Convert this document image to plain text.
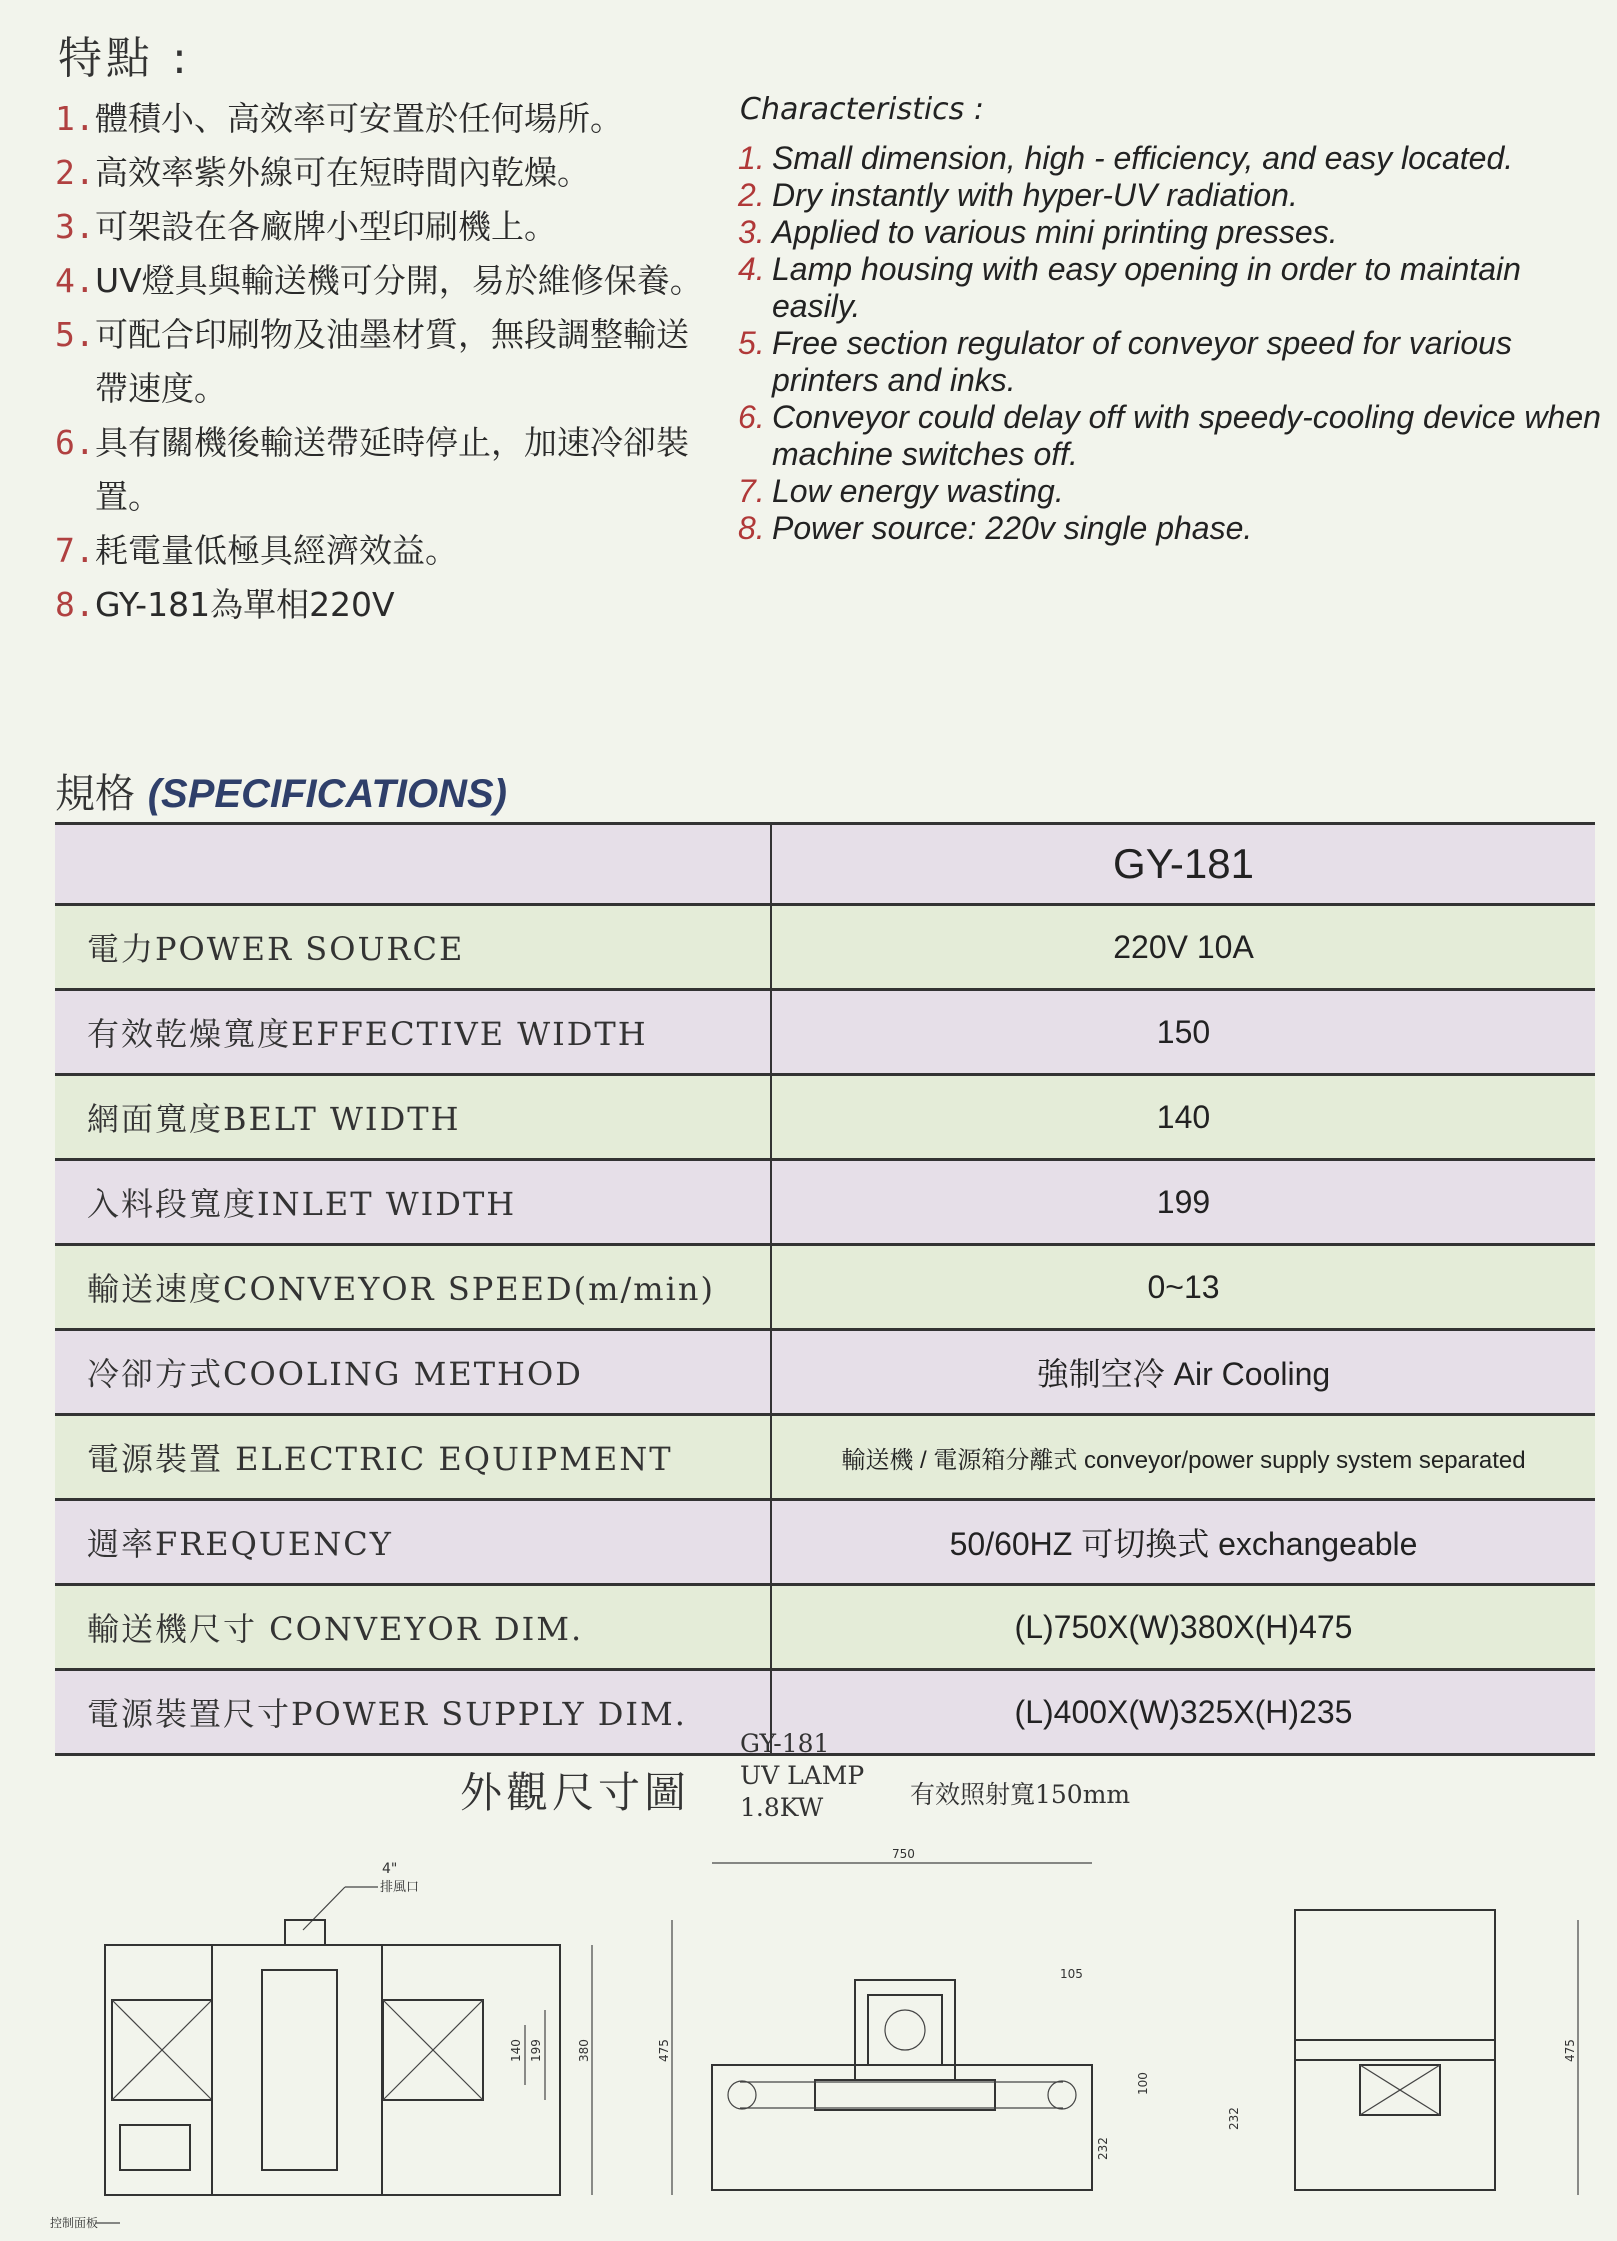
特點 :
1. 體積小、高效率可安置於任何場所。
2. 高效率紫外線可在短時間內乾燥。
3. 可架設在各廠牌小型印刷機上。
4. UV燈具與輸送機可分開，易於維修保養。
5. 可配合印刷物及油墨材質，無段調整輸送帶速度。
6. 具有關機後輸送帶延時停止，加速冷卻裝置。
7. 耗電量低極具經濟效益。
8. GY-181為單相220V
Characteristics :
1. Small dimension, high - efficiency, and easy located.
2. Dry instantly with hyper-UV radiation.
3. Applied to various mini printing presses.
4. Lamp housing with easy opening in order to maintain easily.
5. Free section regulator of conveyor speed for various printers and inks.
6. Conveyor could delay off with speedy-cooling device when machine switches off.
7. Low energy wasting.
8. Power source: 220v single phase.
規格 (SPECIFICATIONS)
	GY-181
電力POWER SOURCE	220V 10A
有效乾燥寬度EFFECTIVE WIDTH	150
網面寬度BELT WIDTH	140
入料段寬度INLET WIDTH	199
輸送速度CONVEYOR SPEED(m/min)	0~13
冷卻方式COOLING METHOD	強制空冷 Air Cooling
電源裝置 ELECTRIC EQUIPMENT	輸送機 / 電源箱分離式 conveyor/power supply system separated
週率FREQUENCY	50/60HZ 可切換式 exchangeable
輸送機尺寸 CONVEYOR DIM.	(L)750X(W)380X(H)475
電源裝置尺寸POWER SUPPLY DIM.	(L)400X(W)325X(H)235
外觀尺寸圖
GY-181
UV LAMP
1.8KW	有效照射寬150mm
4"
排風口
控制面板
140 199	380
750
105
475
100
232
475
232
